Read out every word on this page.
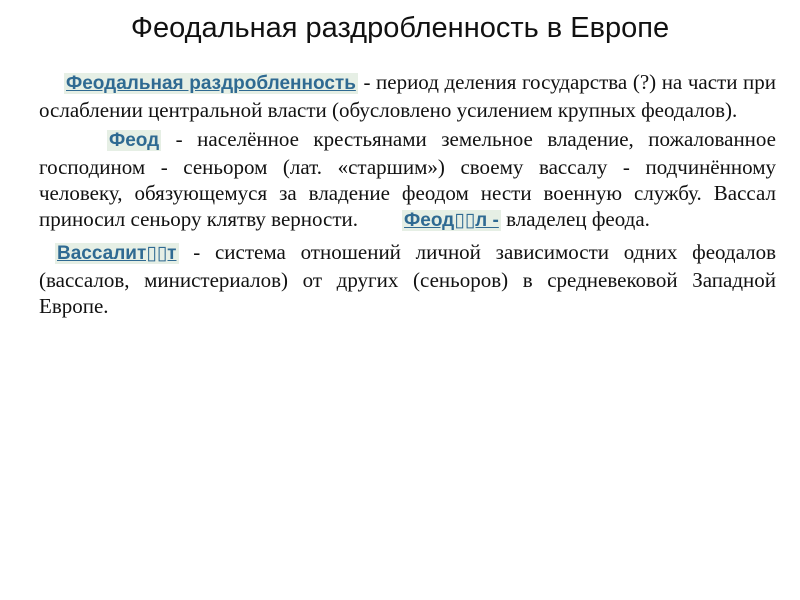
Феодальная раздробленность в Европе

Феодальная раздробленность - период деления государства (?) на части при ослаблении центральной власти (обусловлено усилением крупных феодалов).

Феод - населённое крестьянами земельное владение, пожалованное господином - сеньором (лат. «старшим») своему вассалу - подчинённому человеку, обязующемуся за владение феодом нести военную службу. Вассал приносил сеньору клятву верности. Феод▯▯л - владелец феода.

Вассалит▯▯т - система отношений личной зависимости одних феодалов (вассалов, министериалов) от других (сеньоров) в средневековой Западной Европе.
